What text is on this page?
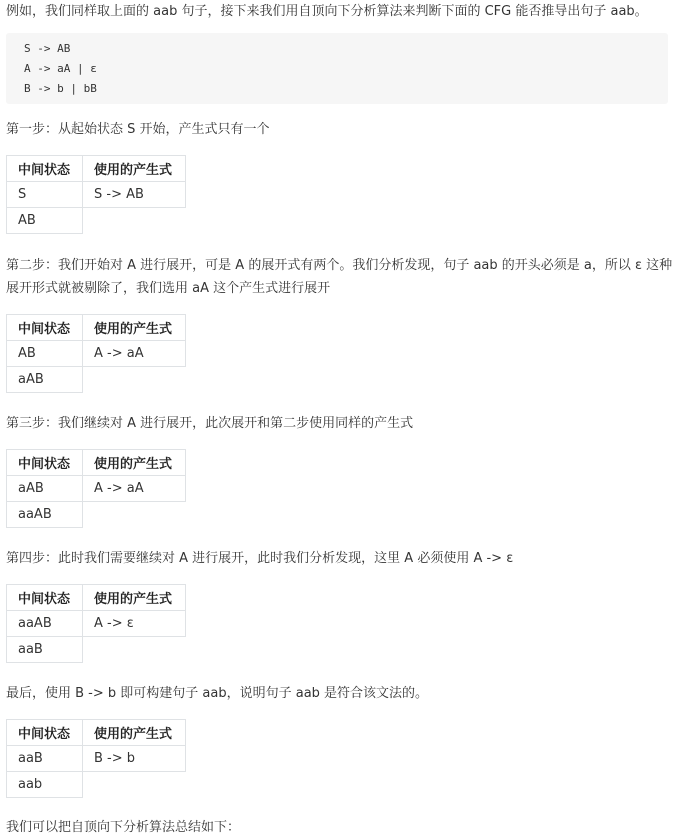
例如，我们同样取上面的 aab 句子，接下来我们用自顶向下分析算法来判断下面的 CFG 能否推导出句子 aab。

S -> AB
A -> aA | ε
B -> b | bB

第一步：从起始状态 S 开始，产生式只有一个

中间状态	使用的产生式
S	S -> AB
AB	

第二步：我们开始对 A 进行展开，可是 A 的展开式有两个。我们分析发现，句子 aab 的开头必须是 a，所以 ε 这种展开形式就被剔除了，我们选用 aA 这个产生式进行展开

中间状态	使用的产生式
AB	A -> aA
aAB	

第三步：我们继续对 A 进行展开，此次展开和第二步使用同样的产生式

中间状态	使用的产生式
aAB	A -> aA
aaAB	

第四步：此时我们需要继续对 A 进行展开，此时我们分析发现，这里 A 必须使用 A -> ε

中间状态	使用的产生式
aaAB	A -> ε
aaB	

最后，使用 B -> b 即可构建句子 aab，说明句子 aab 是符合该文法的。

中间状态	使用的产生式
aaB	B -> b
aab	

我们可以把自顶向下分析算法总结如下：
